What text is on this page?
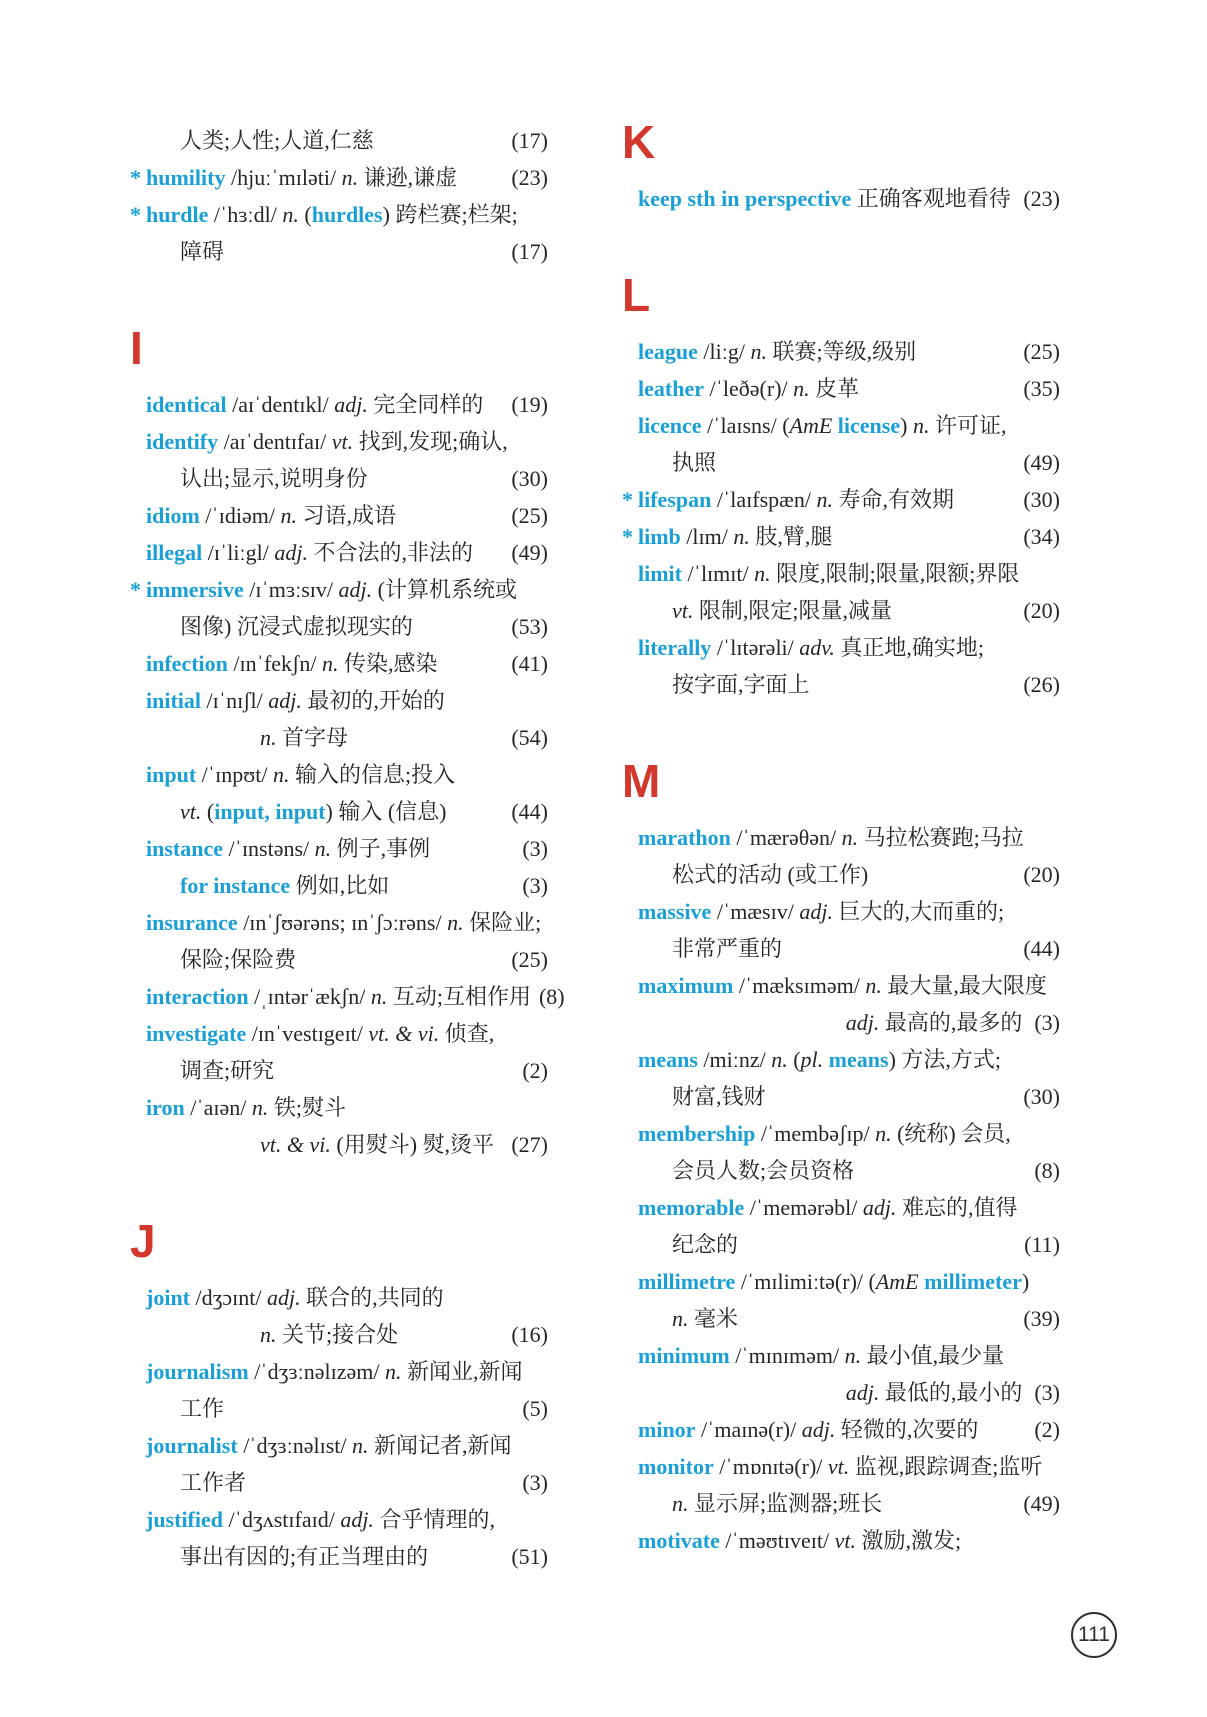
人类;人性;人道,仁慈	(17)
* humility /hjuːˈmɪləti/ n. 谦逊,谦虚	(23)
* hurdle /ˈhɜːdl/ n. (hurdles) 跨栏赛;栏架;
障碍	(17)
I
identical /aɪˈdentɪkl/ adj. 完全同样的	(19)
identify /aɪˈdentɪfaɪ/ vt. 找到,发现;确认,
认出;显示,说明身份	(30)
idiom /ˈɪdiəm/ n. 习语,成语	(25)
illegal /ɪˈliːgl/ adj. 不合法的,非法的	(49)
* immersive /ɪˈmɜːsɪv/ adj. (计算机系统或
图像) 沉浸式虚拟现实的	(53)
infection /ɪnˈfekʃn/ n. 传染,感染	(41)
initial /ɪˈnɪʃl/ adj. 最初的,开始的
n. 首字母	(54)
input /ˈɪnpʊt/ n. 输入的信息;投入
vt. (input, input) 输入 (信息)	(44)
instance /ˈɪnstəns/ n. 例子,事例	(3)
for instance 例如,比如	(3)
insurance /ɪnˈʃʊərəns; ɪnˈʃɔːrəns/ n. 保险业;
保险;保险费	(25)
interaction /ˌɪntərˈækʃn/ n. 互动;互相作用 (8)
investigate /ɪnˈvestɪgeɪt/ vt. & vi. 侦查,
调查;研究	(2)
iron /ˈaɪən/ n. 铁;熨斗
vt. & vi. (用熨斗) 熨,烫平 (27)
J
joint /dʒɔɪnt/ adj. 联合的,共同的
n. 关节;接合处	(16)
journalism /ˈdʒɜːnəlɪzəm/ n. 新闻业,新闻
工作	(5)
journalist /ˈdʒɜːnəlɪst/ n. 新闻记者,新闻
工作者	(3)
justified /ˈdʒʌstɪfaɪd/ adj. 合乎情理的,
事出有因的;有正当理由的	(51)
K
keep sth in perspective 正确客观地看待 (23)
L
league /liːg/ n. 联赛;等级,级别	(25)
leather /ˈleðə(r)/ n. 皮革	(35)
licence /ˈlaɪsns/ (AmE license) n. 许可证,
执照	(49)
* lifespan /ˈlaɪfspæn/ n. 寿命,有效期	(30)
* limb /lɪm/ n. 肢,臂,腿	(34)
limit /ˈlɪmɪt/ n. 限度,限制;限量,限额;界限
vt. 限制,限定;限量,减量	(20)
literally /ˈlɪtərəli/ adv. 真正地,确实地;
按字面,字面上	(26)
M
marathon /ˈmærəθən/ n. 马拉松赛跑;马拉
松式的活动 (或工作)	(20)
massive /ˈmæsɪv/ adj. 巨大的,大而重的;
非常严重的	(44)
maximum /ˈmæksɪməm/ n. 最大量,最大限度
adj. 最高的,最多的 (3)
means /miːnz/ n. (pl. means) 方法,方式;
财富,钱财	(30)
membership /ˈmembəʃɪp/ n. (统称) 会员,
会员人数;会员资格	(8)
memorable /ˈmemərəbl/ adj. 难忘的,值得
纪念的	(11)
millimetre /ˈmɪlimiːtə(r)/ (AmE millimeter)
n. 毫米	(39)
minimum /ˈmɪnɪməm/ n. 最小值,最少量
adj. 最低的,最小的 (3)
minor /ˈmaɪnə(r)/ adj. 轻微的,次要的	(2)
monitor /ˈmɒnɪtə(r)/ vt. 监视,跟踪调查;监听
n. 显示屏;监测器;班长	(49)
motivate /ˈməʊtɪveɪt/ vt. 激励,激发;
111
